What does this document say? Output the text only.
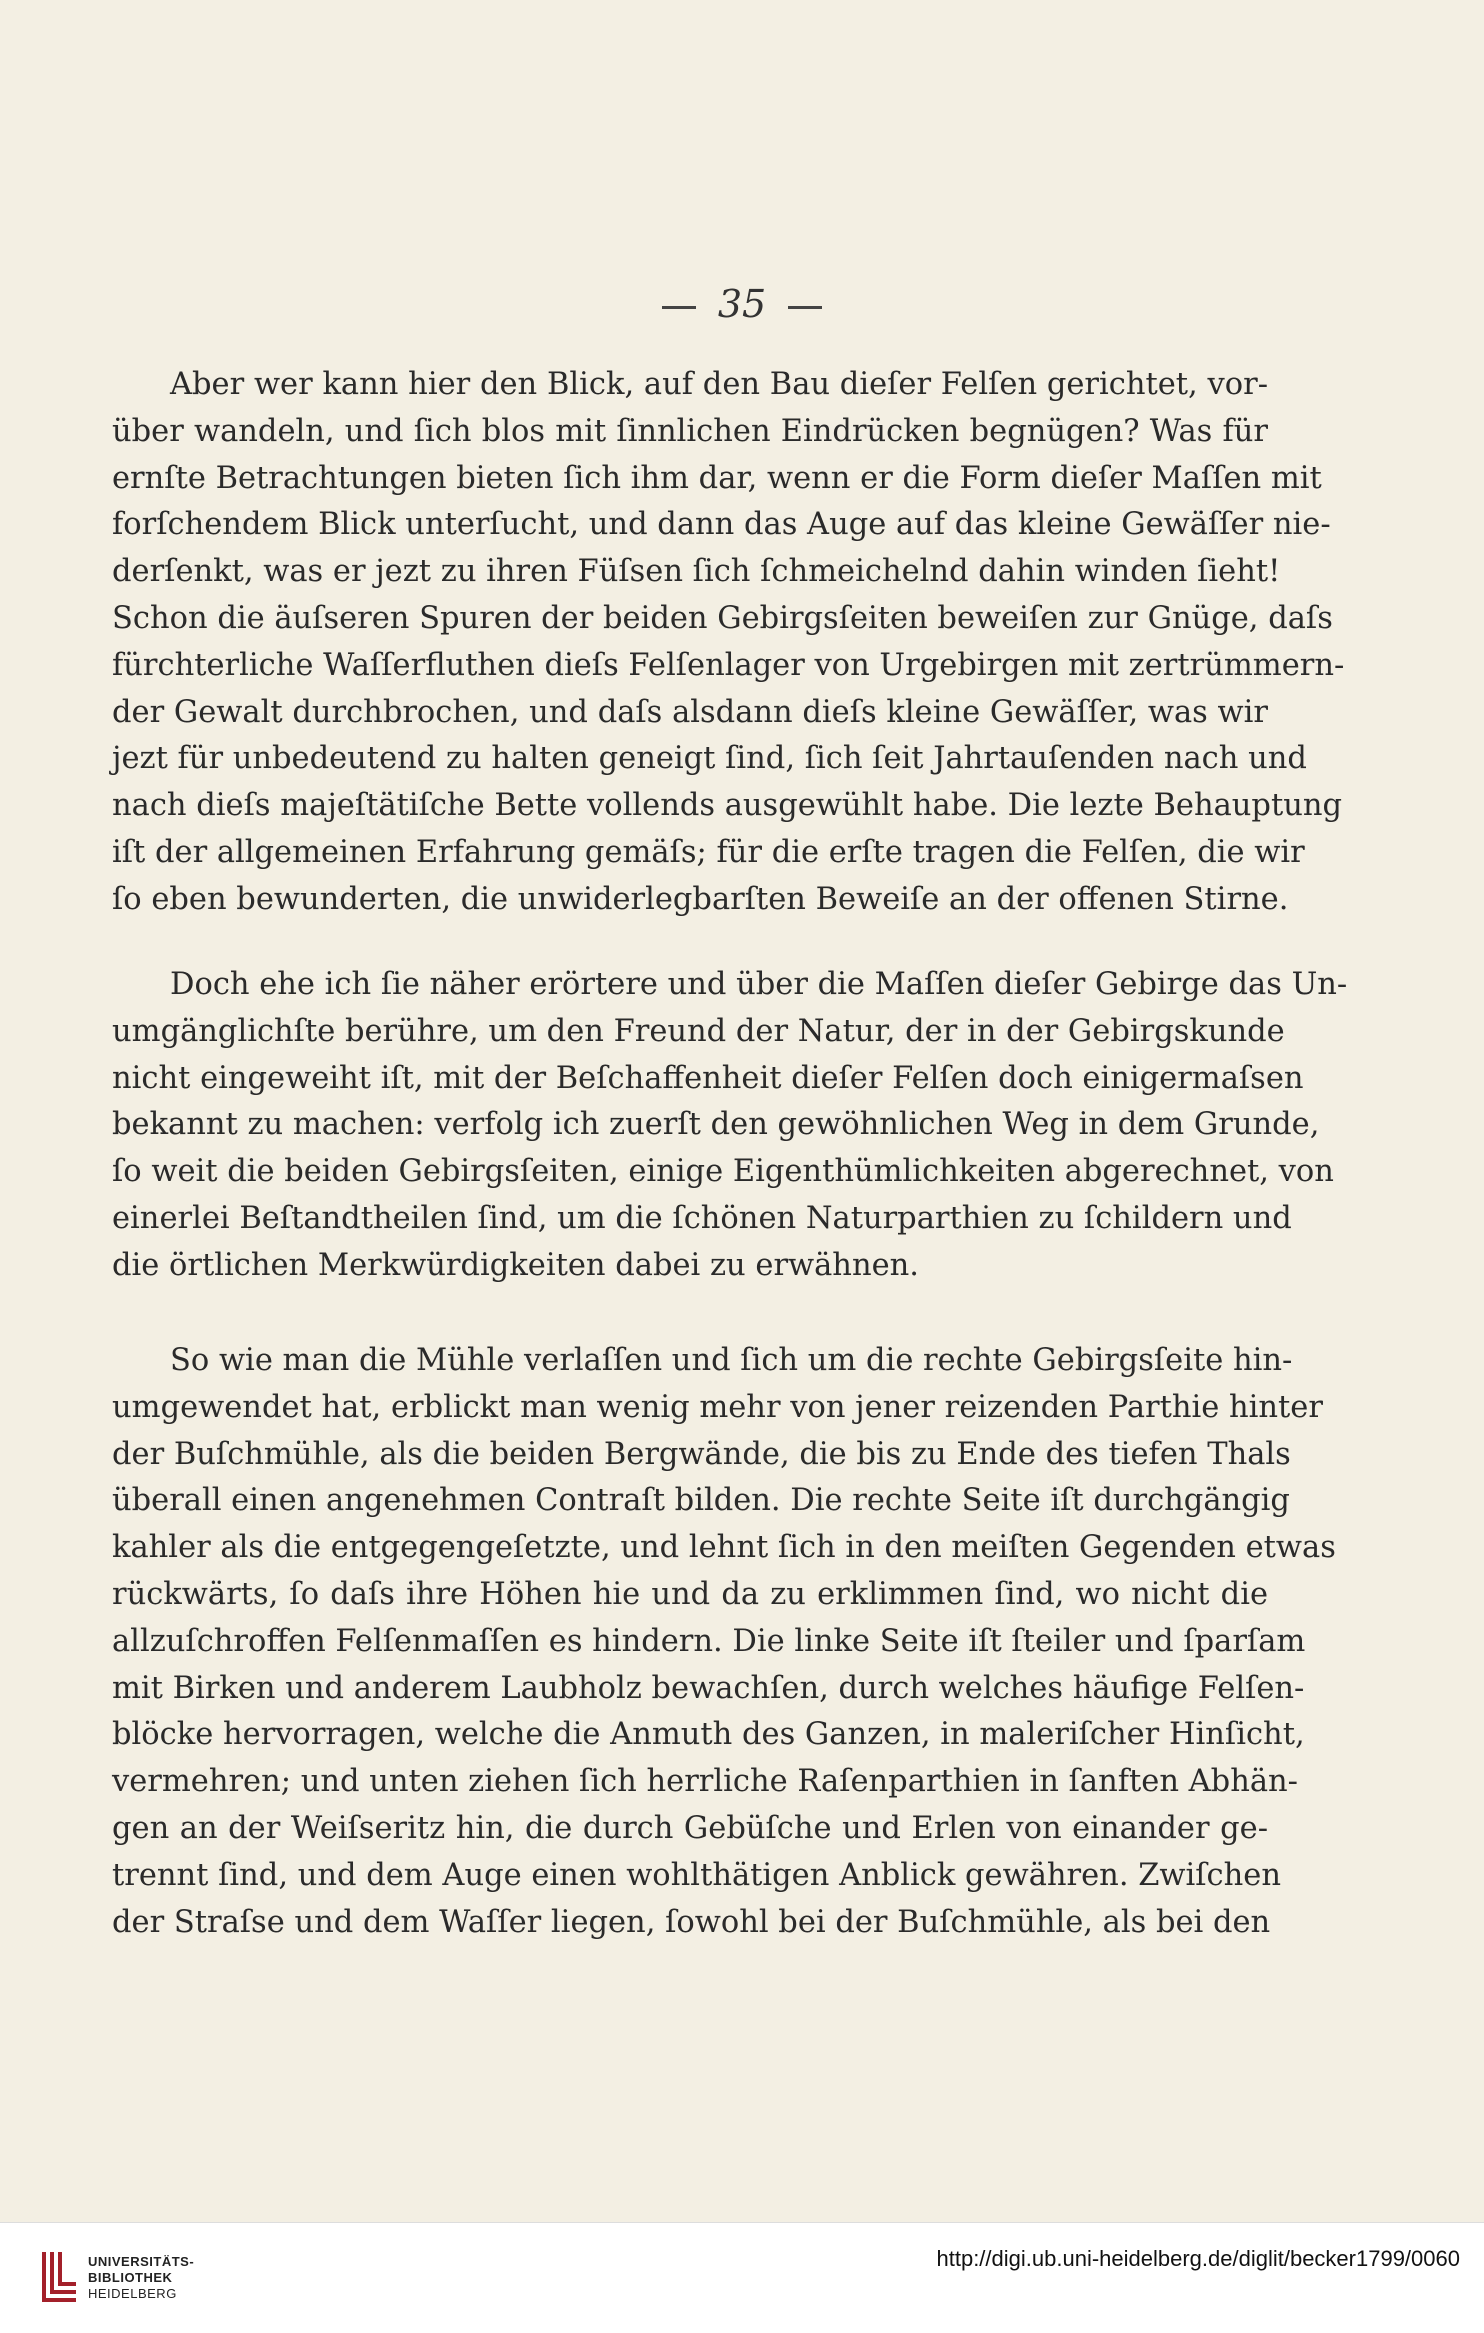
35
Aber wer kann hier den Blick, auf den Bau dieſer Felſen gerichtet, vor-
über wandeln, und ſich blos mit ſinnlichen Eindrücken begnügen? Was für
ernſte Betrachtungen bieten ſich ihm dar, wenn er die Form dieſer Maſſen mit
forſchendem Blick unterſucht, und dann das Auge auf das kleine Gewäſſer nie-
derſenkt, was er jezt zu ihren Füſsen ſich ſchmeichelnd dahin winden ſieht!
Schon die äuſseren Spuren der beiden Gebirgsſeiten beweiſen zur Gnüge, daſs
fürchterliche Waſſerfluthen dieſs Felſenlager von Urgebirgen mit zertrümmern-
der Gewalt durchbrochen, und daſs alsdann dieſs kleine Gewäſſer, was wir
jezt für unbedeutend zu halten geneigt ſind, ſich ſeit Jahrtauſenden nach und
nach dieſs majeſtätiſche Bette vollends ausgewühlt habe. Die lezte Behauptung
iſt der allgemeinen Erfahrung gemäſs; für die erſte tragen die Felſen, die wir
ſo eben bewunderten, die unwiderlegbarſten Beweiſe an der offenen Stirne.
Doch ehe ich ſie näher erörtere und über die Maſſen dieſer Gebirge das Un-
umgänglichſte berühre, um den Freund der Natur, der in der Gebirgskunde
nicht eingeweiht iſt, mit der Beſchaffenheit dieſer Felſen doch einigermaſsen
bekannt zu machen: verfolg ich zuerſt den gewöhnlichen Weg in dem Grunde,
ſo weit die beiden Gebirgsſeiten, einige Eigenthümlichkeiten abgerechnet, von
einerlei Beſtandtheilen ſind, um die ſchönen Naturparthien zu ſchildern und
die örtlichen Merkwürdigkeiten dabei zu erwähnen.
So wie man die Mühle verlaſſen und ſich um die rechte Gebirgsſeite hin-
umgewendet hat, erblickt man wenig mehr von jener reizenden Parthie hinter
der Buſchmühle, als die beiden Bergwände, die bis zu Ende des tiefen Thals
überall einen angenehmen Contraſt bilden. Die rechte Seite iſt durchgängig
kahler als die entgegengeſetzte, und lehnt ſich in den meiſten Gegenden etwas
rückwärts, ſo daſs ihre Höhen hie und da zu erklimmen ſind, wo nicht die
allzuſchroffen Felſenmaſſen es hindern. Die linke Seite iſt ſteiler und ſparſam
mit Birken und anderem Laubholz bewachſen, durch welches häufige Felſen-
blöcke hervorragen, welche die Anmuth des Ganzen, in maleriſcher Hinſicht,
vermehren; und unten ziehen ſich herrliche Raſenparthien in ſanften Abhän-
gen an der Weiſseritz hin, die durch Gebüſche und Erlen von einander ge-
trennt ſind, und dem Auge einen wohlthätigen Anblick gewähren. Zwiſchen
der Straſse und dem Waſſer liegen, ſowohl bei der Buſchmühle, als bei den
UNIVERSITÄTS-
BIBLIOTHEK
HEIDELBERG
http://digi.ub.uni-heidelberg.de/diglit/becker1799/0060
